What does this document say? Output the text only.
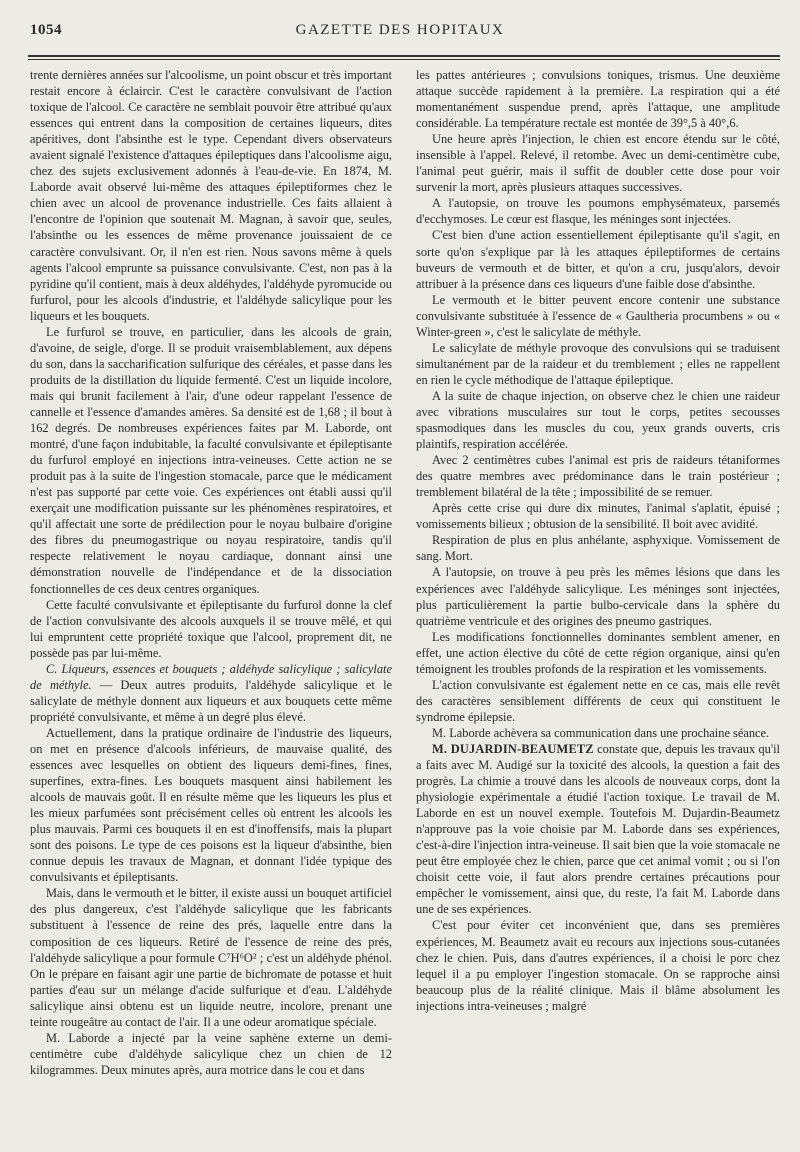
1054	GAZETTE DES HOPITAUX

trente dernières années sur l'alcoolisme, un point obscur et très important restait encore à éclaircir. C'est le caractère convulsivant de l'action toxique de l'alcool. Ce caractère ne semblait pouvoir être attribué qu'aux essences qui entrent dans la composition de certaines liqueurs, dites apéritives, dont l'absinthe est le type. Cependant divers observateurs avaient signalé l'existence d'attaques épileptiques dans l'alcoolisme aigu, chez des sujets exclusivement adonnés à l'eau-de-vie. En 1874, M. Laborde avait observé lui-même des attaques épileptiformes chez le chien avec un alcool de provenance industrielle. Ces faits allaient à l'encontre de l'opinion que soutenait M. Magnan, à savoir que, seules, l'absinthe ou les essences de même provenance jouissaient de ce caractère convulsivant. Or, il n'en est rien. Nous savons même à quels agents l'alcool emprunte sa puissance convulsivante. C'est, non pas à la pyridine qu'il contient, mais à deux aldéhydes, l'aldéhyde pyromucide ou furfurol, pour les alcools d'industrie, et l'aldéhyde salicylique pour les liqueurs et les bouquets.

Le furfurol se trouve, en particulier, dans les alcools de grain, d'avoine, de seigle, d'orge. Il se produit vraisemblablement, aux dépens du son, dans la saccharification sulfurique des céréales, et passe dans les produits de la distillation du liquide fermenté. C'est un liquide incolore, mais qui brunit facilement à l'air, d'une odeur rappelant l'essence de cannelle et l'essence d'amandes amères. Sa densité est de 1,68 ; il bout à 162 degrés. De nombreuses expériences faites par M. Laborde, ont montré, d'une façon indubitable, la faculté convulsivante et épileptisante du furfurol employé en injections intra-veineuses. Cette action ne se produit pas à la suite de l'ingestion stomacale, parce que le médicament n'est pas supporté par cette voie. Ces expériences ont établi aussi qu'il exerçait une modification puissante sur les phénomènes respiratoires, et qu'il affectait une sorte de prédilection pour le noyau bulbaire d'origine des fibres du pneumogastrique ou noyau respiratoire, tandis qu'il respecte relativement le noyau cardiaque, donnant ainsi une démonstration nouvelle de l'indépendance et de la dissociation fonctionnelles de ces deux centres organiques.

Cette faculté convulsivante et épileptisante du furfurol donne la clef de l'action convulsivante des alcools auxquels il se trouve mêlé, et qui lui empruntent cette propriété toxique que l'alcool, proprement dit, ne possède pas par lui-même.

C. Liqueurs, essences et bouquets ; aldéhyde salicylique ; salicylate de méthyle. — Deux autres produits, l'aldéhyde salicylique et le salicylate de méthyle donnent aux liqueurs et aux bouquets cette même propriété convulsivante, et même à un degré plus élevé.

Actuellement, dans la pratique ordinaire de l'industrie des liqueurs, on met en présence d'alcools inférieurs, de mauvaise qualité, des essences avec lesquelles on obtient des liqueurs demi-fines, fines, superfines, extra-fines. Les bouquets masquent ainsi habilement les alcools de mauvais goût. Il en résulte même que les liqueurs les plus et les mieux parfumées sont précisément celles où entrent les alcools les plus mauvais. Parmi ces bouquets il en est d'inoffensifs, mais la plupart sont des poisons. Le type de ces poisons est la liqueur d'absinthe, bien connue depuis les travaux de Magnan, et donnant l'idée typique des convulsivants et épileptisants.

Mais, dans le vermouth et le bitter, il existe aussi un bouquet artificiel des plus dangereux, c'est l'aldéhyde salicylique que les fabricants substituent à l'essence de reine des prés, laquelle entre dans la composition de ces liqueurs. Retiré de l'essence de reine des prés, l'aldéhyde salicylique a pour formule C⁷H⁶O² ; c'est un aldéhyde phénol. On le prépare en faisant agir une partie de bichromate de potasse et huit parties d'eau sur un mélange d'acide sulfurique et d'eau. L'aldéhyde salicylique ainsi obtenu est un liquide neutre, incolore, prenant une teinte rougeâtre au contact de l'air. Il a une odeur aromatique spéciale.

M. Laborde a injecté par la veine saphène externe un demi-centimètre cube d'aldéhyde salicylique chez un chien de 12 kilogrammes. Deux minutes après, aura motrice dans le cou et dans

les pattes antérieures ; convulsions toniques, trismus. Une deuxième attaque succède rapidement à la première. La respiration qui a été momentanément suspendue prend, après l'attaque, une amplitude considérable. La température rectale est montée de 39°,5 à 40°,6.

Une heure après l'injection, le chien est encore étendu sur le côté, insensible à l'appel. Relevé, il retombe. Avec un demi-centimètre cube, l'animal peut guérir, mais il suffit de doubler cette dose pour voir survenir la mort, après plusieurs attaques successives.

A l'autopsie, on trouve les poumons emphysémateux, parsemés d'ecchymoses. Le cœur est flasque, les méninges sont injectées.

C'est bien d'une action essentiellement épileptisante qu'il s'agit, en sorte qu'on s'explique par là les attaques épileptiformes de certains buveurs de vermouth et de bitter, et qu'on a cru, jusqu'alors, devoir attribuer à la présence dans ces liqueurs d'une faible dose d'absinthe.

Le vermouth et le bitter peuvent encore contenir une substance convulsivante substituée à l'essence de « Gaultheria procumbens » ou « Winter-green », c'est le salicylate de méthyle.

Le salicylate de méthyle provoque des convulsions qui se traduisent simultanément par de la raideur et du tremblement ; elles ne rappellent en rien le cycle méthodique de l'attaque épileptique.

A la suite de chaque injection, on observe chez le chien une raideur avec vibrations musculaires sur tout le corps, petites secousses spasmodiques dans les muscles du cou, yeux grands ouverts, cris plaintifs, respiration accélérée.

Avec 2 centimètres cubes l'animal est pris de raideurs tétaniformes des quatre membres avec prédominance dans le train postérieur ; tremblement bilatéral de la tête ; impossibilité de se remuer.

Après cette crise qui dure dix minutes, l'animal s'aplatit, épuisé ; vomissements bilieux ; obtusion de la sensibilité. Il boit avec avidité.

Respiration de plus en plus anhélante, asphyxique. Vomissement de sang. Mort.

A l'autopsie, on trouve à peu près les mêmes lésions que dans les expériences avec l'aldéhyde salicylique. Les méninges sont injectées, plus particulièrement la partie bulbo-cervicale dans la sphère du quatrième ventricule et des origines des pneumo gastriques.

Les modifications fonctionnelles dominantes semblent amener, en effet, une action élective du côté de cette région organique, ainsi qu'en témoignent les troubles profonds de la respiration et les vomissements.

L'action convulsivante est également nette en ce cas, mais elle revêt des caractères sensiblement différents de ceux qui constituent le syndrome épilepsie.

M. Laborde achèvera sa communication dans une prochaine séance.

M. DUJARDIN-BEAUMETZ constate que, depuis les travaux qu'il a faits avec M. Audigé sur la toxicité des alcools, la question a fait des progrès. La chimie a trouvé dans les alcools de nouveaux corps, dont la physiologie expérimentale a étudié l'action toxique. Le travail de M. Laborde en est un nouvel exemple. Toutefois M. Dujardin-Beaumetz n'approuve pas la voie choisie par M. Laborde dans ses expériences, c'est-à-dire l'injection intra-veineuse. Il sait bien que la voie stomacale ne peut être employée chez le chien, parce que cet animal vomit ; ou si l'on choisit cette voie, il faut alors prendre certaines précautions pour empêcher le vomissement, ainsi que, du reste, l'a fait M. Laborde dans une de ses expériences.

C'est pour éviter cet inconvénient que, dans ses premières expériences, M. Beaumetz avait eu recours aux injections sous-cutanées chez le chien. Puis, dans d'autres expériences, il a choisi le porc chez lequel il a pu employer l'ingestion stomacale. On se rapproche ainsi beaucoup plus de la réalité clinique. Mais il blâme absolument les injections intra-veineuses ; malgré
